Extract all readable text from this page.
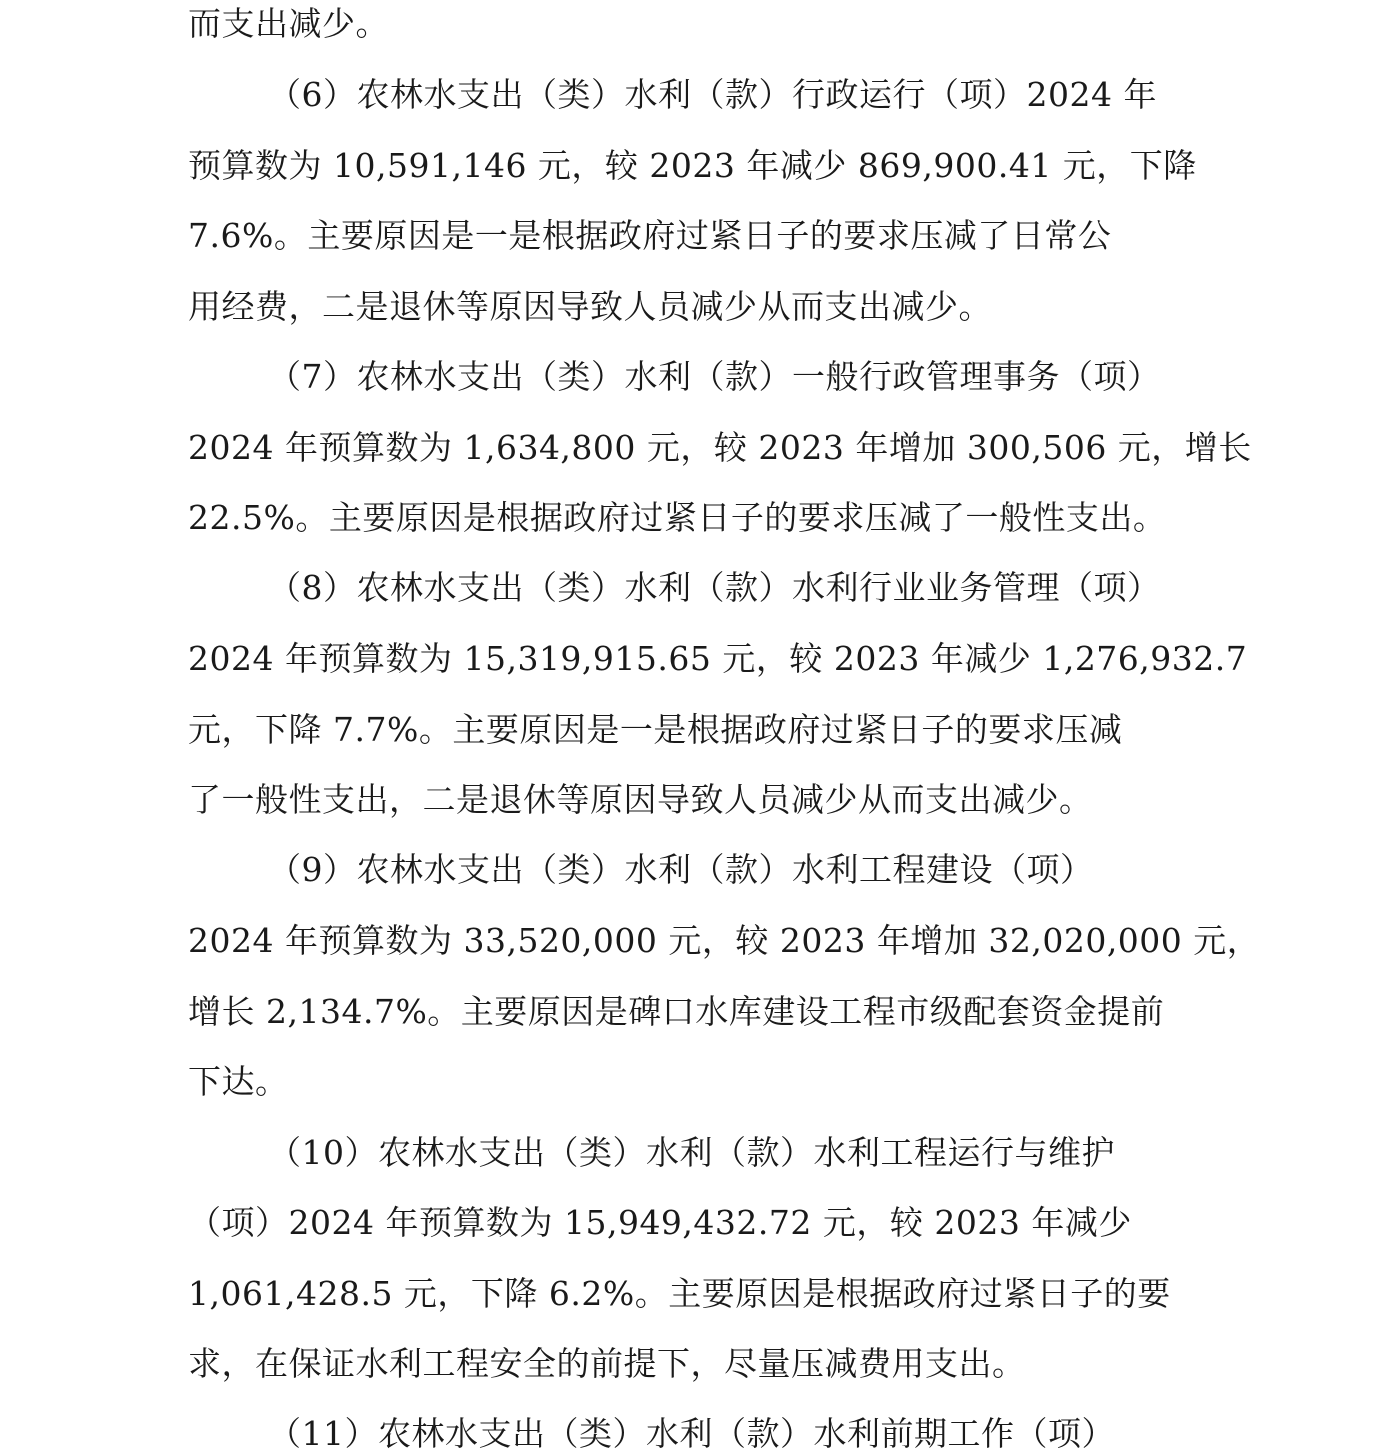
而支出减少。
（6）农林水支出（类）水利（款）行政运行（项）2024 年
预算数为 10,591,146 元，较 2023 年减少 869,900.41 元，下降
7.6%。主要原因是一是根据政府过紧日子的要求压减了日常公
用经费，二是退休等原因导致人员减少从而支出减少。
（7）农林水支出（类）水利（款）一般行政管理事务（项）
2024 年预算数为 1,634,800 元，较 2023 年增加 300,506 元，增长
22.5%。主要原因是根据政府过紧日子的要求压减了一般性支出。
（8）农林水支出（类）水利（款）水利行业业务管理（项）
2024 年预算数为 15,319,915.65 元，较 2023 年减少 1,276,932.7
元，下降 7.7%。主要原因是一是根据政府过紧日子的要求压减
了一般性支出，二是退休等原因导致人员减少从而支出减少。
（9）农林水支出（类）水利（款）水利工程建设（项）
2024 年预算数为 33,520,000 元，较 2023 年增加 32,020,000 元，
增长 2,134.7%。主要原因是碑口水库建设工程市级配套资金提前
下达。
（10）农林水支出（类）水利（款）水利工程运行与维护
（项）2024 年预算数为 15,949,432.72 元，较 2023 年减少
1,061,428.5 元，下降 6.2%。主要原因是根据政府过紧日子的要
求，在保证水利工程安全的前提下，尽量压减费用支出。
（11）农林水支出（类）水利（款）水利前期工作（项）
